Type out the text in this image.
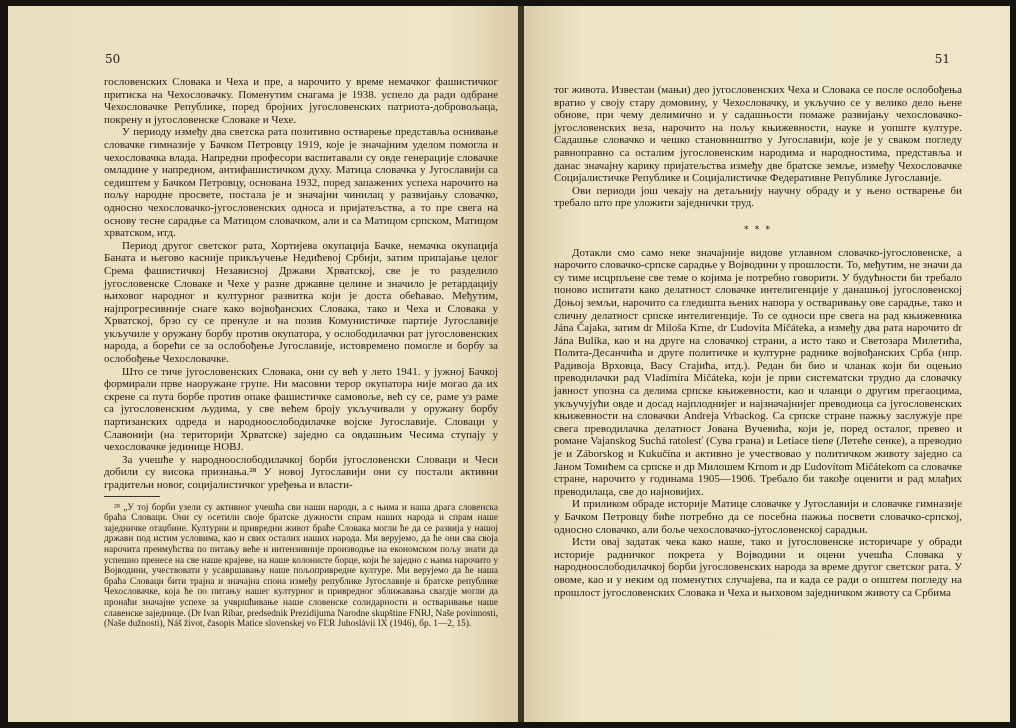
50

гословенских Словака и Чеха и пре, а нарочито у време немачког фашистичког притиска на Чехословачку. Поменутим снагама је 1938. успело да ради одбране Чехословачке Републике, поред бројних југословенских патриота-добровољаца, покрену и југословенске Словаке и Чехе.

У периоду између два светска рата позитивно остварење представља оснивање словачке гимназије у Бачком Петровцу 1919, које је значајним уделом помогла и чехословачка влада. Напредни професори васпитавали су овде генерације словачке омладине у напредном, антифашистичком духу. Матица словачка у Југославији са седиштем у Бачком Петровцу, основана 1932, поред запажених успеха нарочито на пољу народне просвете, постала је и значајни чинилац у развијању словачко, односно чехословачко-југословенских односа и пријатељства, а то пре свега на основу тесне сарадње са Матицом словачком, али и са Матицом српском, Матицом хрватском, итд.

Период другог светског рата, Хортијева окупација Бачке, немачка окупација Баната и његово касније прикључење Недићевој Србији, затим припајање целог Срема фашистичкој Независној Држави Хрватској, све је то разделило југословенске Словаке и Чехе у разне државне целине и значило је ретардацију њиховог народног и културног развитка који је доста обећавао. Међутим, најпрогресивније снаге како војвођанских Словака, тако и Чеха и Словака у Хрватској, брзо су се пренуле и на позив Комунистичке партије Југославије укључиле у оружану борбу против окупатора, у ослободилачки рат југословенских народа, а борећи се за ослобођење Југославије, истовремено помогле и борбу за ослобођење Чехословачке.

Што се тиче југословенских Словака, они су већ у лето 1941. у јужној Бачкој формирали прве наоружане групе. Ни масовни терор окупатора није могао да их скрене са пута борбе против опаке фашистичке самовоље, већ су се, раме уз раме са југословенским људима, у све већем броју укључивали у оружану борбу партизанских одреда и народноослободилачке војске Југославије. Словаци у Славонији (на територији Хрватске) заједно са овдашњим Чесима ступају у чехословачке јединице НОВЈ.

За учешће у народноослободилачкој борби југословенски Словаци и Чеси добили су висока признања.²⁸ У новој Југославији они су постали активни градитељи новог, социјалистичког уређења и власти-

²⁸ „У тој борби узели су активног учешћа сви наши народи, а с њима и наша драга словенска браћа Словаци. Они су осетили своје братске дужности спрам наших народа и спрам наше заједничке отаџбине. Културни и привредни живот браће Словака могли ће да се развија у нашој држави под истим условима, као и свих осталих наших народа. Ми верујемо, да ће они сва своја нарочита преимућства по питању веће и интензивније производње на економском пољу знати да успешно пренесе на све наше крајеве, на наше колонисте борце, који ће заједно с њима нарочито у Војводини, учествовати у усавршавању наше пољопривредне културе. Ми верујемо да ће наша браћа Словаци бити трајна и значајна спона између републике Југославије и братске републике Чехословачке, која ће по питању нашег културног и привредног зближавања свагдје могли да пронаћи значајне успехе за учвршћивање наше словенске солидарности и остваривање наше славенске заједнице. (Dr Ivan Ribar, predsednik Prezidijuma Narodne skupštine FNRJ, Naše povinnosti, (Naše dužnosti), Náš život, časopis Matice slovenskej vo FĽR Juhoslávii IX (1946), бр. 1—2, 15).

51

тог живота. Известан (мањи) део југословенских Чеха и Словака се после ослобођења вратио у своју стару домовину, у Чехословачку, и укључио се у велико дело њене обнове, при чему делимично и у садашњости помаже развијању чехословачко-југословенских веза, нарочито на пољу књижевности, науке и уопште културе. Садашње словачко и чешко становништво у Југославији, које је у сваком погледу равноправно са осталим југословенским народима и народностима, представља и данас значајну карику пријатељства између две братске земље, између Чехословачке Социјалистичке Републике и Социјалистичке Федеративне Републике Југославије.

Ови периоди још чекају на детаљнију научну обраду и у њено остварење би требало што пре уложити заједнички труд.

⁎ ⁎ ⁎

Дотакли смо само неке значајније видове углавном словачко-југословенске, а нарочито словачко-српске сарадње у Војводини у прошлости. То, међутим, не значи да су тиме исцрпљене све теме о којима је потребно говорити. У будућности би требало поново испитати како делатност словачке интелигенције у данашњој југословенској Доњој земљи, нарочито са гледишта њених напора у остваривању ове сарадње, тако и сличну делатност српске интелигенције. То се односи пре свега на рад књижевника Jána Čajaka, затим dr Miloša Krne, dr Ľudovíta Mičáteka, а између два рата нарочито dr Jána Bulíka, као и на друге на словачкој страни, а исто тако и Светозара Милетића, Полита-Десанчића и друге политичке и културне раднике војвођанских Срба (нпр. Радивоја Врховца, Васу Стајића, итд.). Редан би био и чланак који би оцењио преводилачки рад Vladimíra Mičáteka, који је први систематски трудио да словачку јавност упозна са делима српске књижевности, као и чланци о другим прегаоцима, укључујући овде и досад најплоднијег и најзначајнијег преводиоца са југословенских књижевности на словачки Andreja Vrbackog. Са српске стране пажњу заслужује пре свега преводилачка делатност Јована Вучевића, који је, поред осталог, превео и романе Vajanskog Suchá ratolesť (Сува грана) и Letiace tiene (Летеће сенке), а преводио је и Záborskog и Kukučína и активно је учествовао у политичком животу заједно са Јаном Томићем са српске и др Милошем Krnom и др Ľudovítom Mičátekom са словачке стране, нарочито у годинама 1905—1906. Требало би такође оценити и рад млађих преводилаца, све до најновијих.

И приликом обраде историје Матице словачке у Југославији и словачке гимназије у Бачком Петровцу биће потребно да се посебна пажња посвети словачко-српској, односно словачко, али боље чехословачко-југословенској сарадњи.

Исти овај задатак чека како наше, тако и југословенске историчаре у обради историје радничког покрета у Војводини и оцени учешћа Словака у народноослободилачкој борби југословенских народа за време другог светског рата. У овоме, као и у неким од поменутих случајева, па и када се ради о општем погледу на прошлост југословенских Словака и Чеха и њиховом заједничком животу са Србима
